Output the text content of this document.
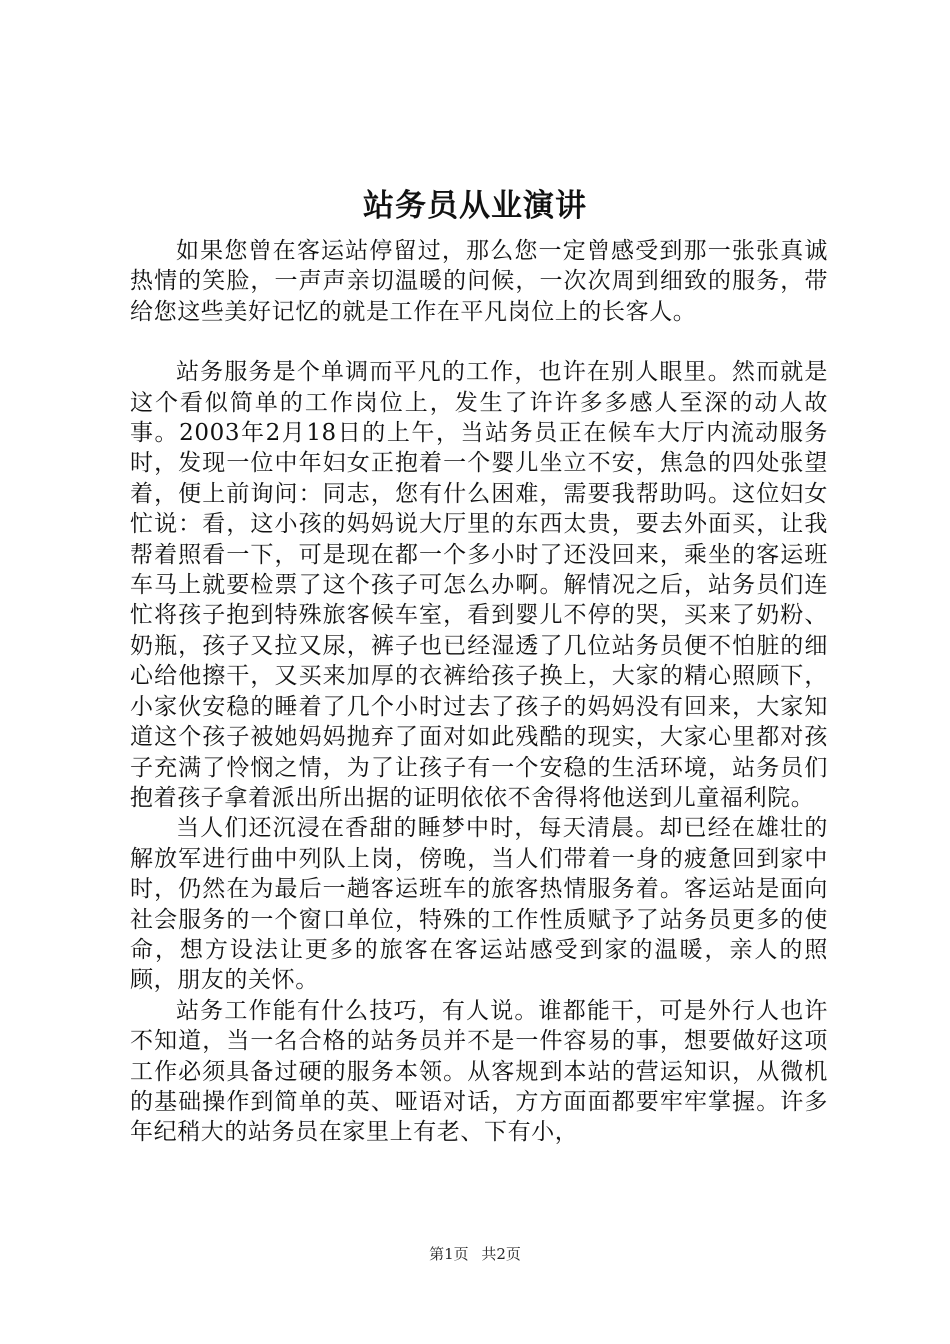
站务员从业演讲

如果您曾在客运站停留过，那么您一定曾感受到那一张张真诚热情的笑脸，一声声亲切温暖的问候，一次次周到细致的服务，带给您这些美好记忆的就是工作在平凡岗位上的长客人。

站务服务是个单调而平凡的工作，也许在别人眼里。然而就是这个看似简单的工作岗位上，发生了许许多多感人至深的动人故事。2003年2月18日的上午，当站务员正在候车大厅内流动服务时，发现一位中年妇女正抱着一个婴儿坐立不安，焦急的四处张望着，便上前询问：同志，您有什么困难，需要我帮助吗。这位妇女忙说：看，这小孩的妈妈说大厅里的东西太贵，要去外面买，让我帮着照看一下，可是现在都一个多小时了还没回来，乘坐的客运班车马上就要检票了这个孩子可怎么办啊。解情况之后，站务员们连忙将孩子抱到特殊旅客候车室，看到婴儿不停的哭，买来了奶粉、奶瓶，孩子又拉又尿，裤子也已经湿透了几位站务员便不怕脏的细心给他擦干，又买来加厚的衣裤给孩子换上，大家的精心照顾下，小家伙安稳的睡着了几个小时过去了孩子的妈妈没有回来，大家知道这个孩子被她妈妈抛弃了面对如此残酷的现实，大家心里都对孩子充满了怜悯之情，为了让孩子有一个安稳的生活环境，站务员们抱着孩子拿着派出所出据的证明依依不舍得将他送到儿童福利院。

当人们还沉浸在香甜的睡梦中时，每天清晨。却已经在雄壮的解放军进行曲中列队上岗，傍晚，当人们带着一身的疲惫回到家中时，仍然在为最后一趟客运班车的旅客热情服务着。客运站是面向社会服务的一个窗口单位，特殊的工作性质赋予了站务员更多的使命，想方设法让更多的旅客在客运站感受到家的温暖，亲人的照顾，朋友的关怀。

站务工作能有什么技巧，有人说。谁都能干，可是外行人也许不知道，当一名合格的站务员并不是一件容易的事，想要做好这项工作必须具备过硬的服务本领。从客规到本站的营运知识，从微机的基础操作到简单的英、哑语对话，方方面面都要牢牢掌握。许多年纪稍大的站务员在家里上有老、下有小，

第1页 共2页
